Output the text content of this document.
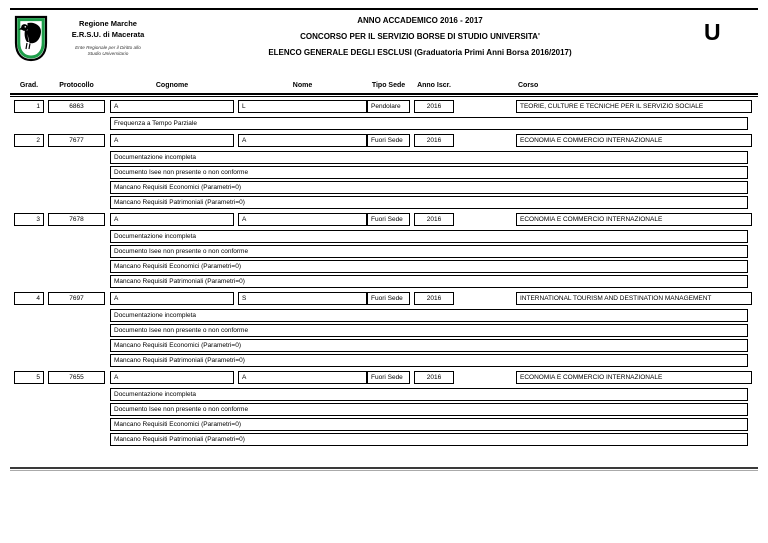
Regione Marche
E.R.S.U. di Macerata
Ente Regionale per il Diritto allo
Studio Universitario
ANNO ACCADEMICO 2016 - 2017
CONCORSO PER IL SERVIZIO BORSE DI STUDIO UNIVERSITA'
ELENCO GENERALE DEGLI ESCLUSI (Graduatoria Primi Anni Borsa 2016/2017)
U
Grad.	Protocollo	Cognome	Nome	Tipo Sede	Anno Iscr.	Corso
1	6863	A	L	Pendolare	2016	TEORIE, CULTURE E TECNICHE PER IL SERVIZIO SOCIALE
Frequenza a Tempo Parziale
2	7677	A	A	Fuori Sede	2016	ECONOMIA E COMMERCIO INTERNAZIONALE
Documentazione incompleta
Documento Isee non presente o non conforme
Mancano Requisiti Economici (Parametri=0)
Mancano Requisiti Patrimoniali (Parametri=0)
3	7678	A	A	Fuori Sede	2016	ECONOMIA E COMMERCIO INTERNAZIONALE
Documentazione incompleta
Documento Isee non presente o non conforme
Mancano Requisiti Economici (Parametri=0)
Mancano Requisiti Patrimoniali (Parametri=0)
4	7697	A	S	Fuori Sede	2016	INTERNATIONAL TOURISM AND DESTINATION MANAGEMENT
Documentazione incompleta
Documento Isee non presente o non conforme
Mancano Requisiti Economici (Parametri=0)
Mancano Requisiti Patrimoniali (Parametri=0)
5	7655	A	A	Fuori Sede	2016	ECONOMIA E COMMERCIO INTERNAZIONALE
Documentazione incompleta
Documento Isee non presente o non conforme
Mancano Requisiti Economici (Parametri=0)
Mancano Requisiti Patrimoniali (Parametri=0)
